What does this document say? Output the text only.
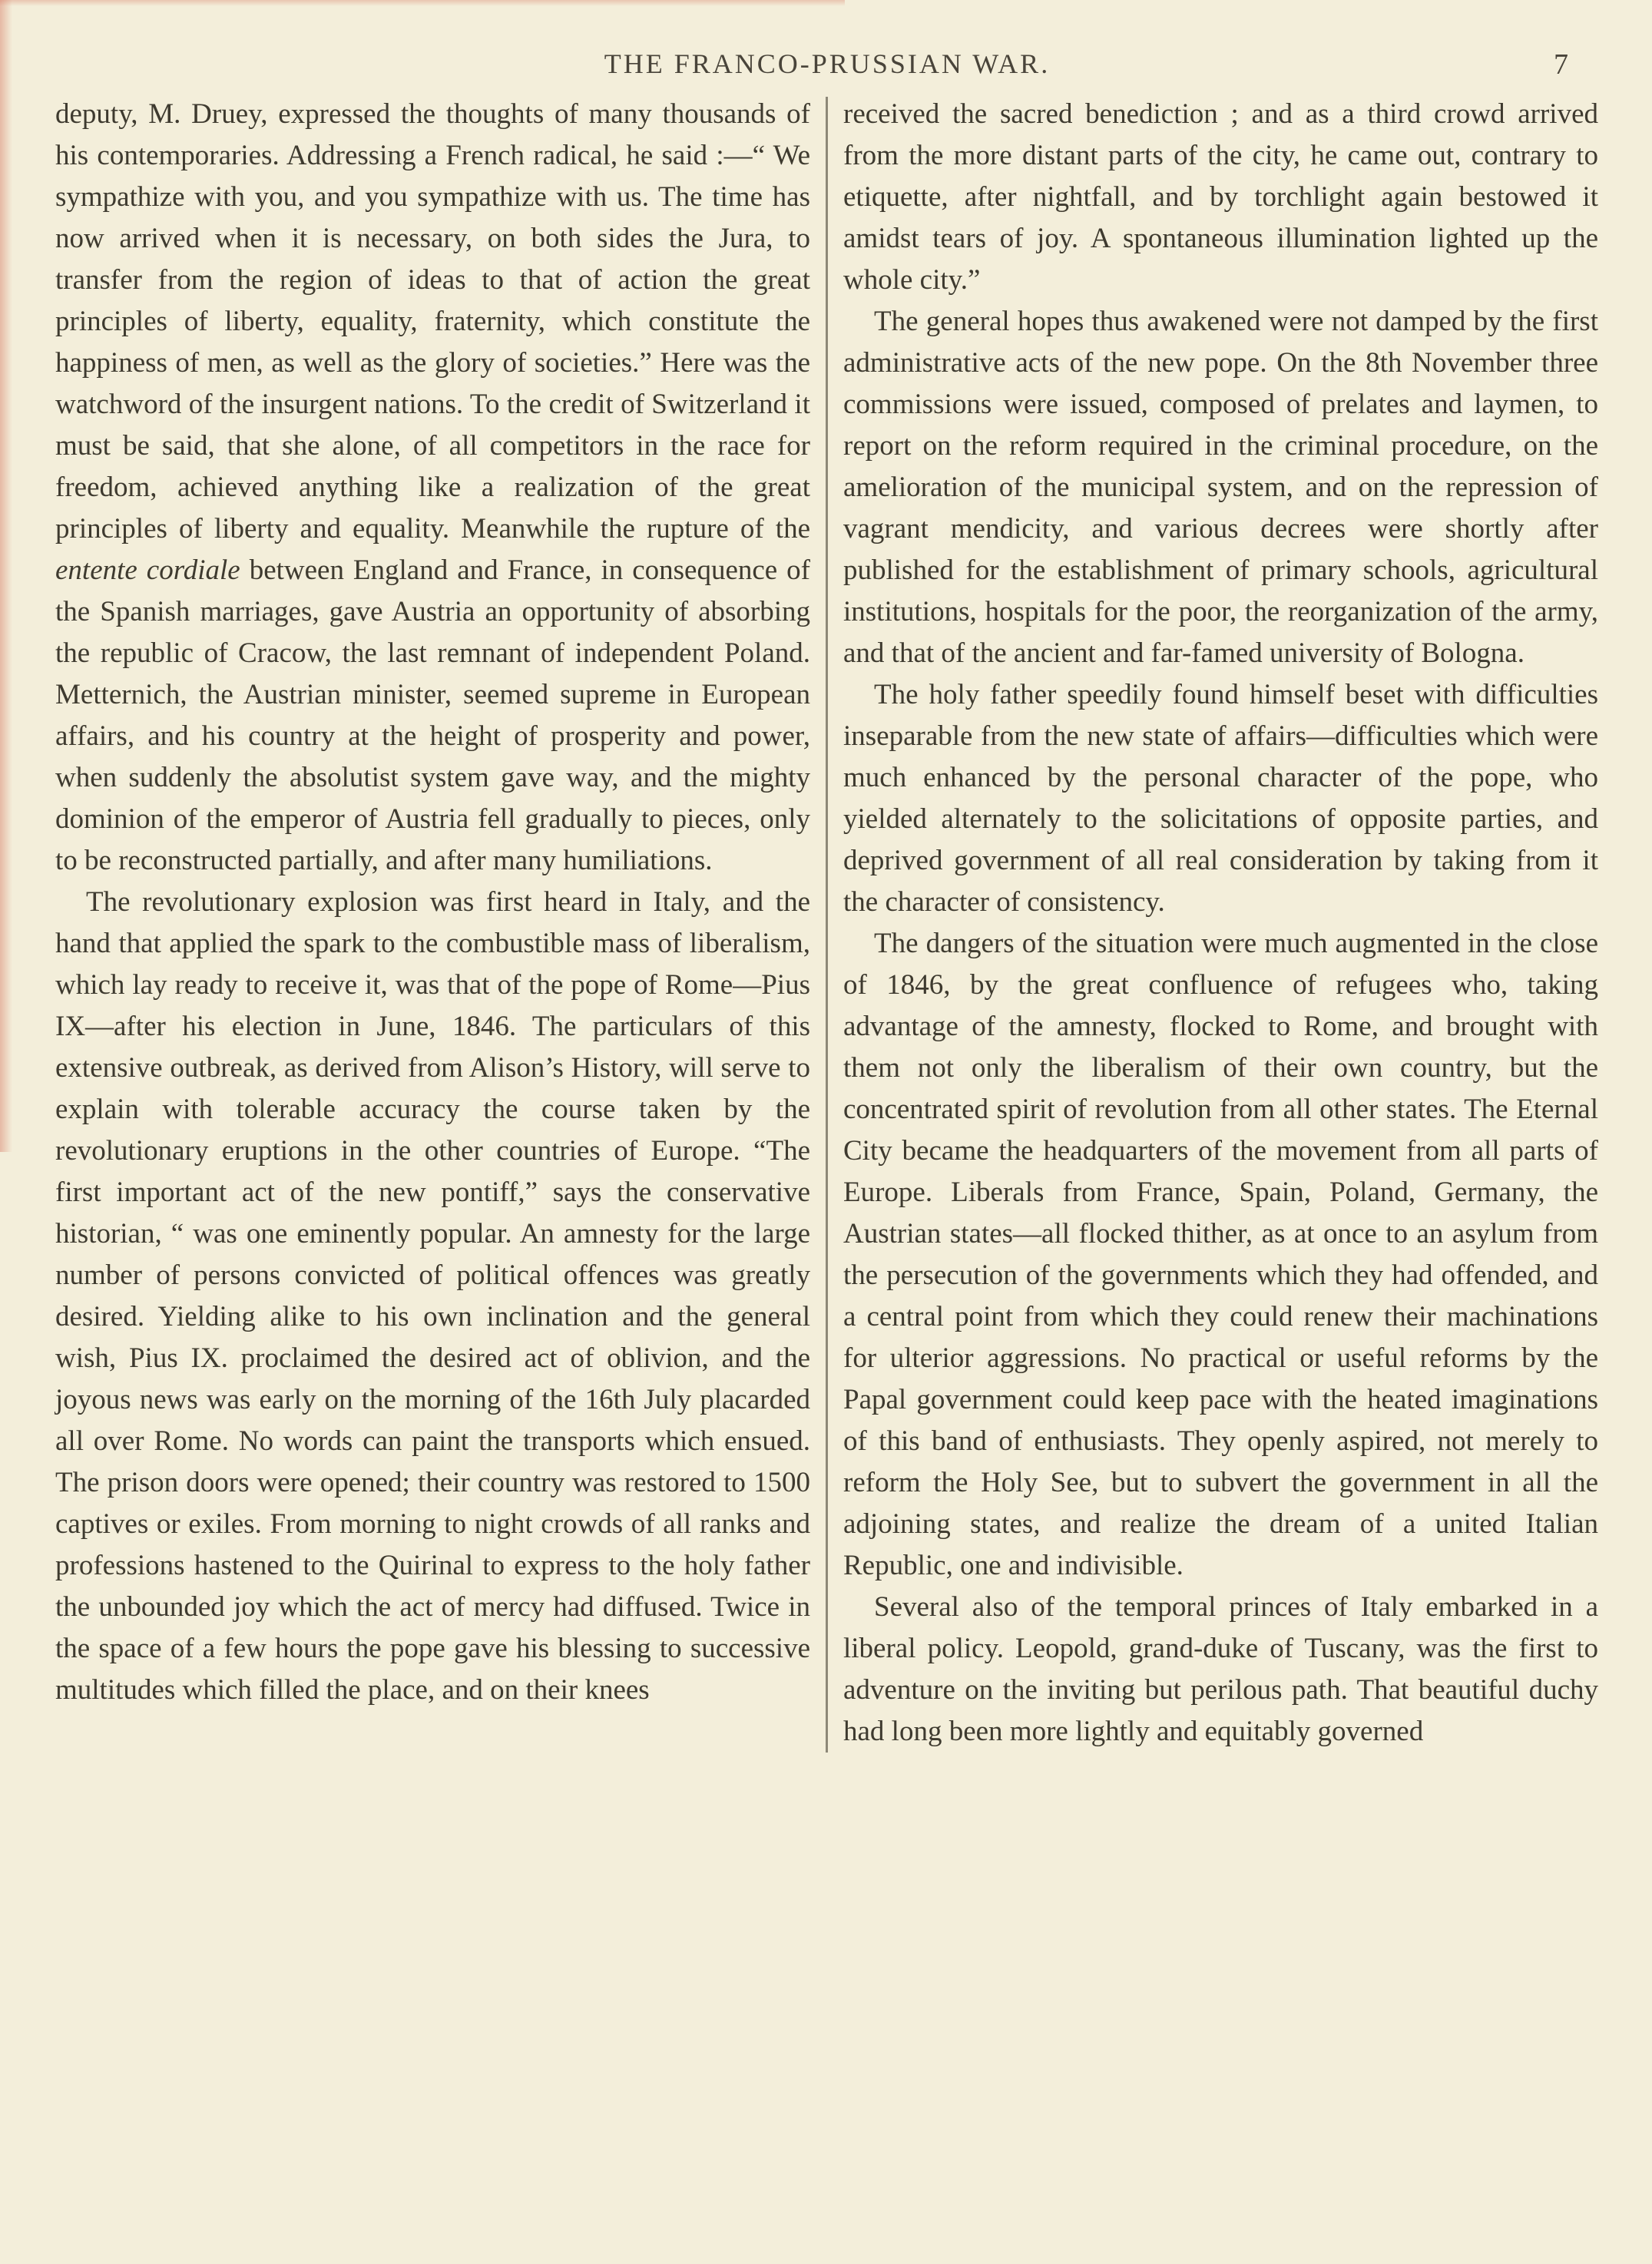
THE FRANCO-PRUSSIAN WAR.	7

deputy, M. Druey, expressed the thoughts of many thousands of his contemporaries. Addressing a French radical, he said :—“ We sympathize with you, and you sympathize with us. The time has now arrived when it is necessary, on both sides the Jura, to transfer from the region of ideas to that of action the great principles of liberty, equality, fraternity, which constitute the happiness of men, as well as the glory of societies.” Here was the watchword of the insurgent nations. To the credit of Switzerland it must be said, that she alone, of all competitors in the race for freedom, achieved anything like a realization of the great principles of liberty and equality. Meanwhile the rupture of the entente cordiale between England and France, in consequence of the Spanish marriages, gave Austria an opportunity of absorbing the republic of Cracow, the last remnant of independent Poland. Metternich, the Austrian minister, seemed supreme in European affairs, and his country at the height of prosperity and power, when suddenly the absolutist system gave way, and the mighty dominion of the emperor of Austria fell gradually to pieces, only to be reconstructed partially, and after many humiliations.

The revolutionary explosion was first heard in Italy, and the hand that applied the spark to the combustible mass of liberalism, which lay ready to receive it, was that of the pope of Rome—Pius IX—after his election in June, 1846. The particulars of this extensive outbreak, as derived from Alison’s History, will serve to explain with tolerable accuracy the course taken by the revolutionary eruptions in the other countries of Europe. “The first important act of the new pontiff,” says the conservative historian, “ was one eminently popular. An amnesty for the large number of persons convicted of political offences was greatly desired. Yielding alike to his own inclination and the general wish, Pius IX. proclaimed the desired act of oblivion, and the joyous news was early on the morning of the 16th July placarded all over Rome. No words can paint the transports which ensued. The prison doors were opened; their country was restored to 1500 captives or exiles. From morning to night crowds of all ranks and professions hastened to the Quirinal to express to the holy father the unbounded joy which the act of mercy had diffused. Twice in the space of a few hours the pope gave his blessing to successive multitudes which filled the place, and on their knees

received the sacred benediction ; and as a third crowd arrived from the more distant parts of the city, he came out, contrary to etiquette, after nightfall, and by torchlight again bestowed it amidst tears of joy. A spontaneous illumination lighted up the whole city.”

The general hopes thus awakened were not damped by the first administrative acts of the new pope. On the 8th November three commissions were issued, composed of prelates and laymen, to report on the reform required in the criminal procedure, on the amelioration of the municipal system, and on the repression of vagrant mendicity, and various decrees were shortly after published for the establishment of primary schools, agricultural institutions, hospitals for the poor, the reorganization of the army, and that of the ancient and far-famed university of Bologna.

The holy father speedily found himself beset with difficulties inseparable from the new state of affairs—difficulties which were much enhanced by the personal character of the pope, who yielded alternately to the solicitations of opposite parties, and deprived government of all real consideration by taking from it the character of consistency.

The dangers of the situation were much augmented in the close of 1846, by the great confluence of refugees who, taking advantage of the amnesty, flocked to Rome, and brought with them not only the liberalism of their own country, but the concentrated spirit of revolution from all other states. The Eternal City became the headquarters of the movement from all parts of Europe. Liberals from France, Spain, Poland, Germany, the Austrian states—all flocked thither, as at once to an asylum from the persecution of the governments which they had offended, and a central point from which they could renew their machinations for ulterior aggressions. No practical or useful reforms by the Papal government could keep pace with the heated imaginations of this band of enthusiasts. They openly aspired, not merely to reform the Holy See, but to subvert the government in all the adjoining states, and realize the dream of a united Italian Republic, one and indivisible.

Several also of the temporal princes of Italy embarked in a liberal policy. Leopold, grand-duke of Tuscany, was the first to adventure on the inviting but perilous path. That beautiful duchy had long been more lightly and equitably governed
